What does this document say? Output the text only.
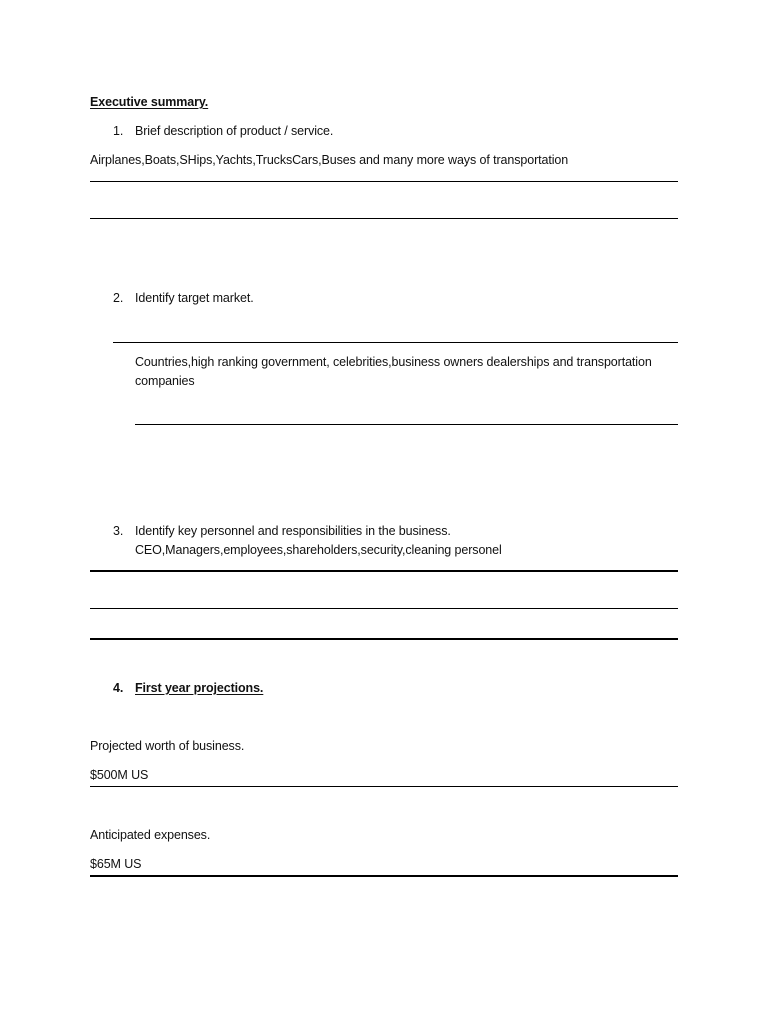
Executive summary.
1. Brief description of product / service.
Airplanes,Boats,SHips,Yachts,TrucksCars,Buses and many more ways of transportation
2. Identify target market.
Countries,high ranking government, celebrities,business owners dealerships and transportation
companies
3. Identify key personnel and responsibilities in the business.
CEO,Managers,employees,shareholders,security,cleaning personel
4. First year projections.
Projected worth of business.
$500M US
Anticipated expenses.
$65M US
